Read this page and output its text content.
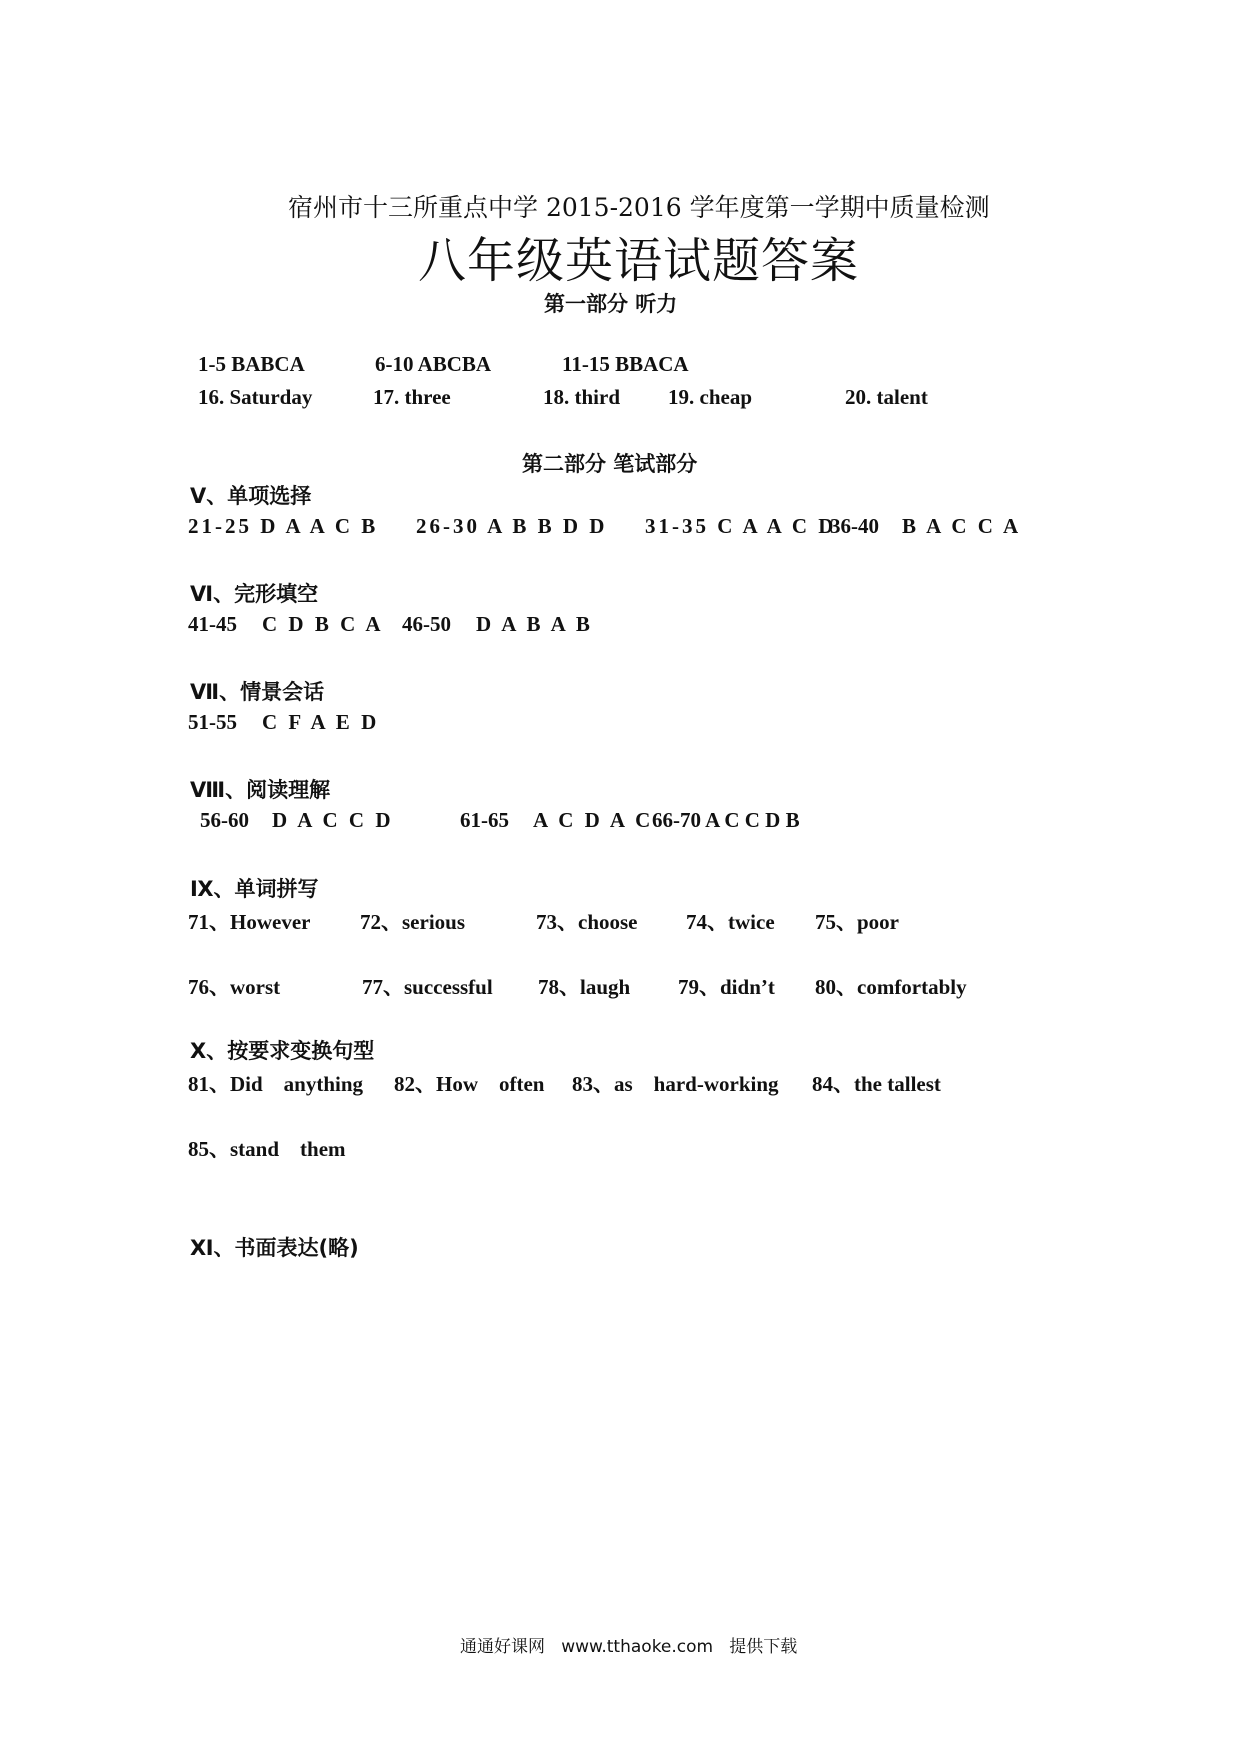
宿州市十三所重点中学 2015-2016 学年度第一学期中质量检测
八年级英语试题答案
第一部分 听力
1-5 BABCA	6-10 ABCBA	11-15 BBACA
16. Saturday	17. three	18. third 19. cheap	20. talent
第二部分 笔试部分
Ⅴ、单项选择
21-25 D A A C B 26-30 A B B D D 31-35 C A A C D
36-40 B A C C A
Ⅵ、完形填空
41-45 C D B C A 46-50 D A B A B
Ⅶ、情景会话
51-55 C F A E D
Ⅷ、阅读理解
56-60 D A C C D	61-65 A C D A C
66-70 A C C D B
Ⅸ、单词拼写
71、However 72、serious	73、choose 74、twice 75、poor
76、worst	77、successful 78、laugh 79、didn’t 80、comfortably
Ⅹ、按要求变换句型
81、Did    anything 82、How    often 83、as    hard-working 84、the tallest
85、stand    them
Ⅺ、书面表达(略)
通通好课网   www.tthaoke.com   提供下载
